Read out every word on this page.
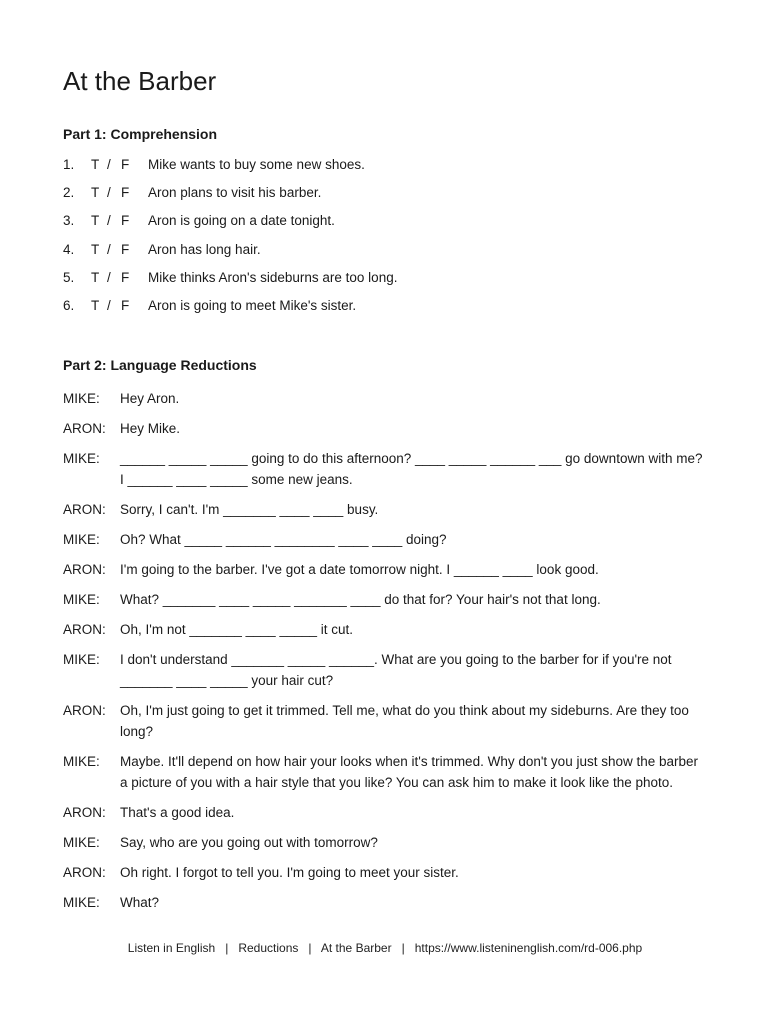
At the Barber
Part 1: Comprehension
1. T / F Mike wants to buy some new shoes.
2. T / F Aron plans to visit his barber.
3. T / F Aron is going on a date tonight.
4. T / F Aron has long hair.
5. T / F Mike thinks Aron's sideburns are too long.
6. T / F Aron is going to meet Mike's sister.
Part 2: Language Reductions
MIKE: Hey Aron.
ARON: Hey Mike.
MIKE: ______ _____ _____ going to do this afternoon? ____ _____ ______ ___ go downtown with me? I ______ ____ _____ some new jeans.
ARON: Sorry, I can't. I'm _______ ____ ____ busy.
MIKE: Oh? What _____ ______ ________ ____ ____ doing?
ARON: I'm going to the barber. I've got a date tomorrow night. I ______ ____ look good.
MIKE: What? _______ ____ _____ _______ ____ do that for? Your hair's not that long.
ARON: Oh, I'm not _______ ____ _____ it cut.
MIKE: I don't understand _______ _____ ______. What are you going to the barber for if you're not _______ ____ _____ your hair cut?
ARON: Oh, I'm just going to get it trimmed. Tell me, what do you think about my sideburns. Are they too long?
MIKE: Maybe. It'll depend on how hair your looks when it's trimmed. Why don't you just show the barber a picture of you with a hair style that you like? You can ask him to make it look like the photo.
ARON: That's a good idea.
MIKE: Say, who are you going out with tomorrow?
ARON: Oh right. I forgot to tell you. I'm going to meet your sister.
MIKE: What?
Listen in English | Reductions | At the Barber | https://www.listeninenglish.com/rd-006.php
